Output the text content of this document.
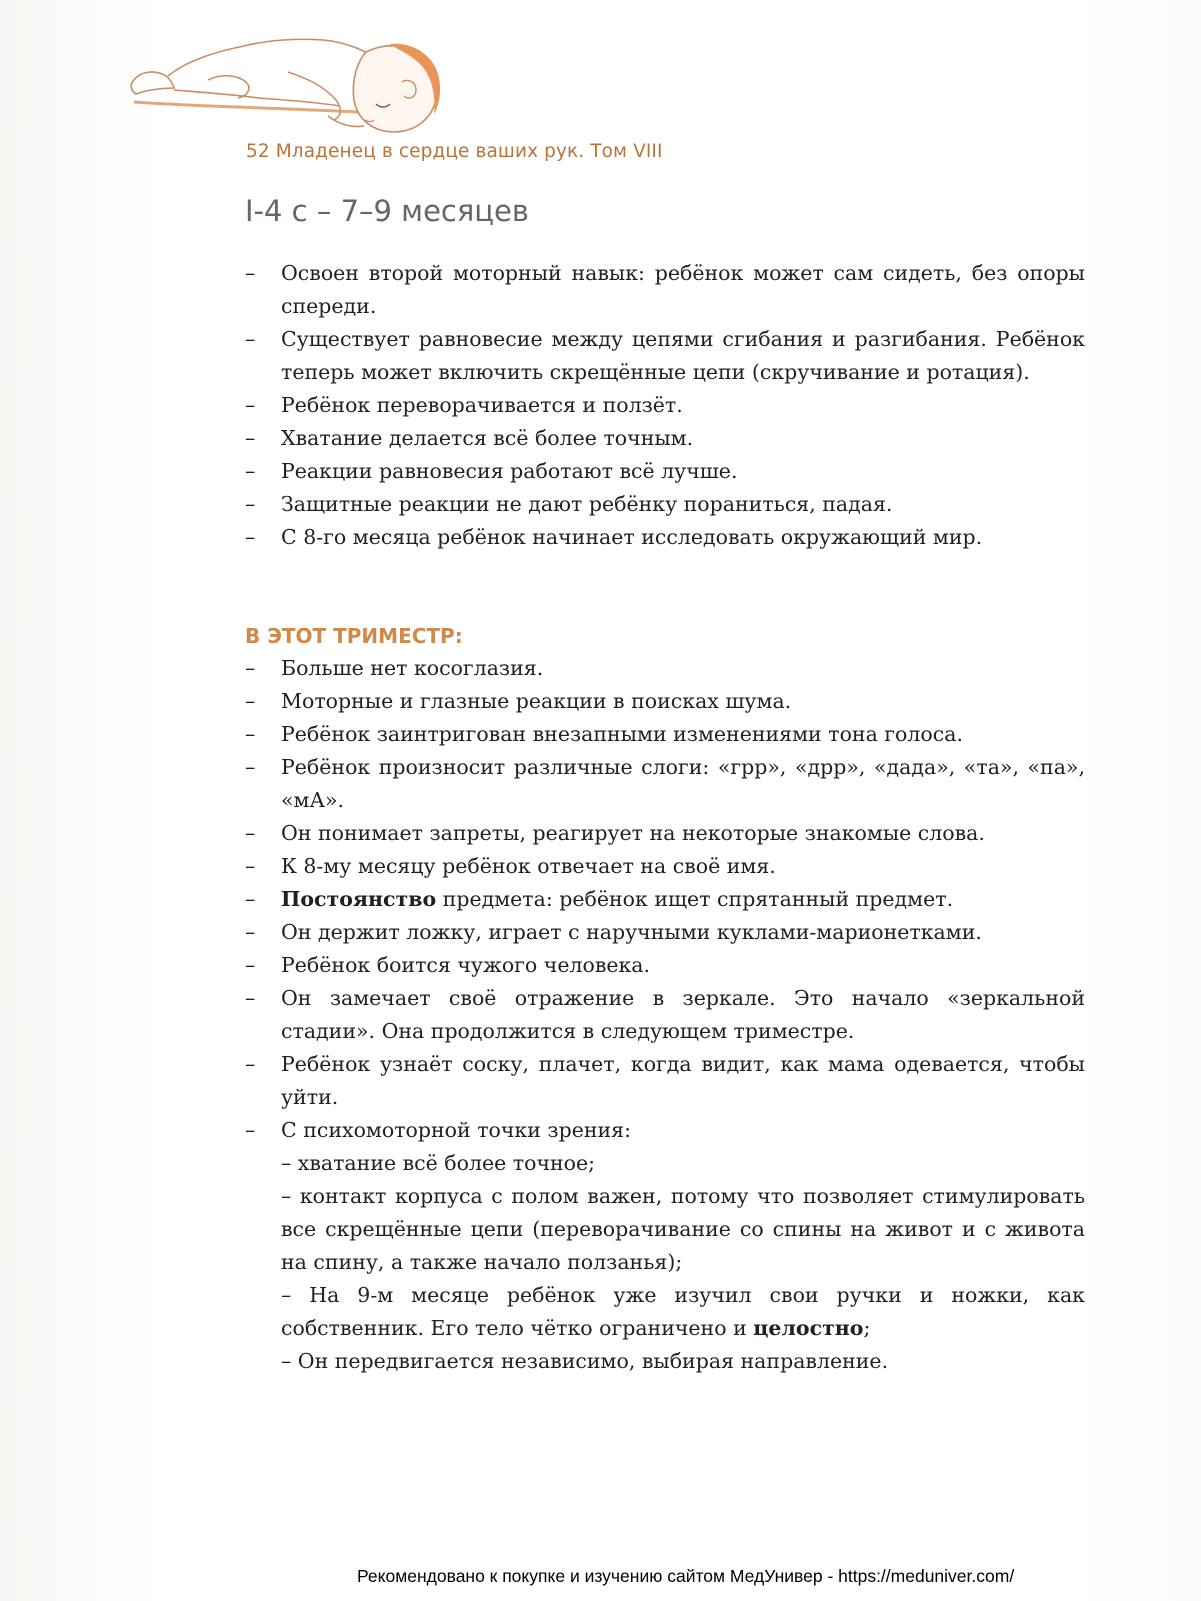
52 Младенец в сердце ваших рук. Том VIII
I-4 с – 7–9 месяцев
– Освоен второй моторный навык: ребёнок может сам сидеть, без опоры спереди.
– Существует равновесие между цепями сгибания и разгибания. Ребёнок теперь может включить скрещённые цепи (скручивание и ротация).
– Ребёнок переворачивается и ползёт.
– Хватание делается всё более точным.
– Реакции равновесия работают всё лучше.
– Защитные реакции не дают ребёнку пораниться, падая.
– С 8-го месяца ребёнок начинает исследовать окружающий мир.
В ЭТОТ ТРИМЕСТР:
– Больше нет косоглазия.
– Моторные и глазные реакции в поисках шума.
– Ребёнок заинтригован внезапными изменениями тона голоса.
– Ребёнок произносит различные слоги: «грр», «дрр», «дада», «та», «па», «мА».
– Он понимает запреты, реагирует на некоторые знакомые слова.
– К 8-му месяцу ребёнок отвечает на своё имя.
– Постоянство предмета: ребёнок ищет спрятанный предмет.
– Он держит ложку, играет с наручными куклами-марионетками.
– Ребёнок боится чужого человека.
– Он замечает своё отражение в зеркале. Это начало «зеркальной стадии». Она продолжится в следующем триместре.
– Ребёнок узнаёт соску, плачет, когда видит, как мама одевается, чтобы уйти.
– С психомоторной точки зрения:
– хватание всё более точное;
– контакт корпуса с полом важен, потому что позволяет стимулировать все скрещённые цепи (переворачивание со спины на живот и с живота на спину, а также начало ползанья);
– На 9-м месяце ребёнок уже изучил свои ручки и ножки, как собственник. Его тело чётко ограничено и целостно;
– Он передвигается независимо, выбирая направление.
Рекомендовано к покупке и изучению сайтом МедУнивер - https://meduniver.com/
